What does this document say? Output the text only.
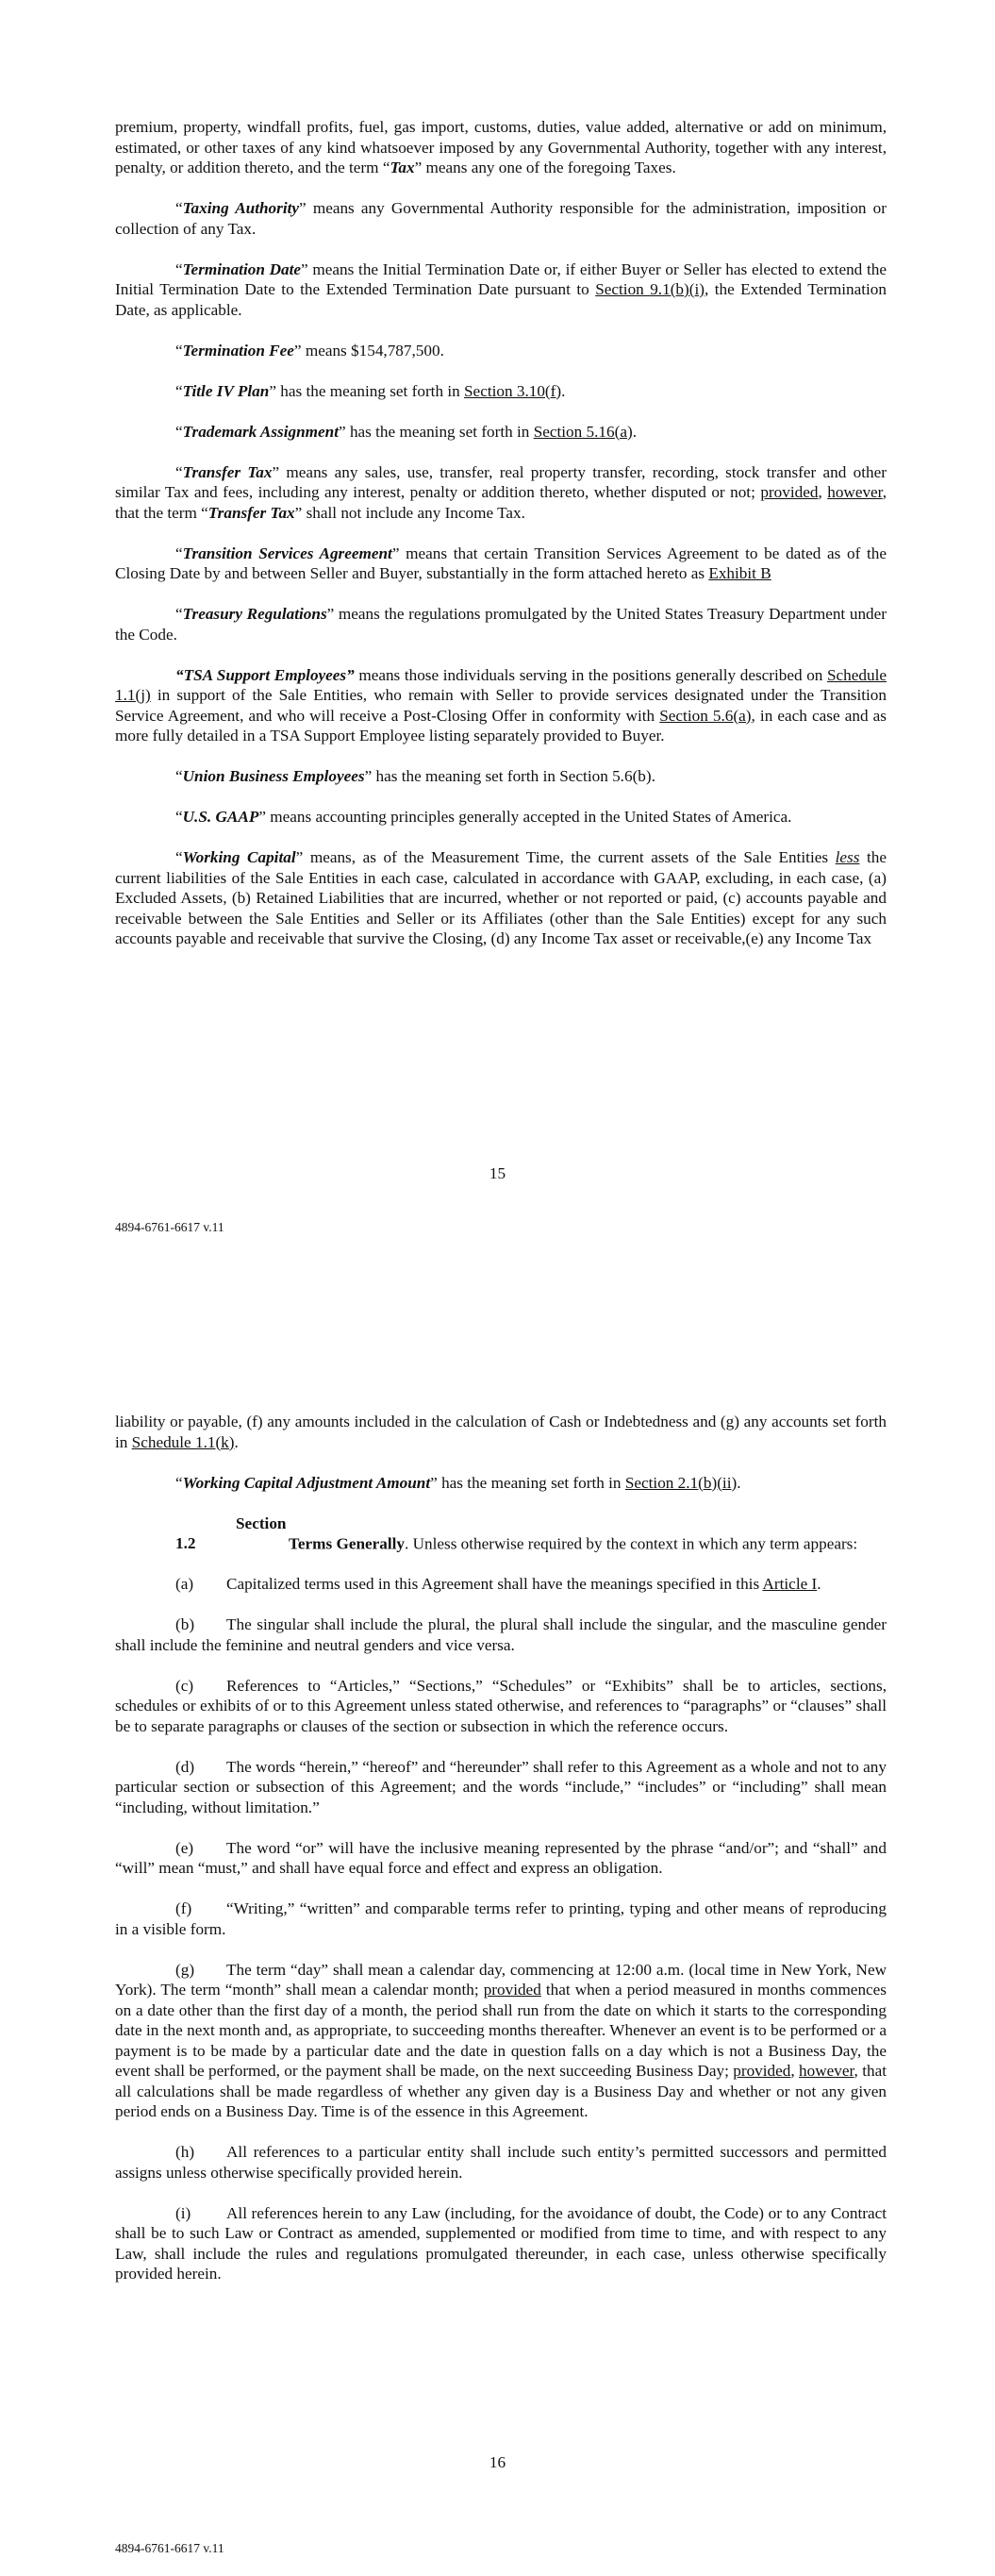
premium, property, windfall profits, fuel, gas import, customs, duties, value added, alternative or add on minimum, estimated, or other taxes of any kind whatsoever imposed by any Governmental Authority, together with any interest, penalty, or addition thereto, and the term “Tax” means any one of the foregoing Taxes.

“Taxing Authority” means any Governmental Authority responsible for the administration, imposition or collection of any Tax.

“Termination Date” means the Initial Termination Date or, if either Buyer or Seller has elected to extend the Initial Termination Date to the Extended Termination Date pursuant to Section 9.1(b)(i), the Extended Termination Date, as applicable.

“Termination Fee” means $154,787,500.

“Title IV Plan” has the meaning set forth in Section 3.10(f).

“Trademark Assignment” has the meaning set forth in Section 5.16(a).

“Transfer Tax” means any sales, use, transfer, real property transfer, recording, stock transfer and other similar Tax and fees, including any interest, penalty or addition thereto, whether disputed or not; provided, however, that the term “Transfer Tax” shall not include any Income Tax.

“Transition Services Agreement” means that certain Transition Services Agreement to be dated as of the Closing Date by and between Seller and Buyer, substantially in the form attached hereto as Exhibit B

“Treasury Regulations” means the regulations promulgated by the United States Treasury Department under the Code.

“TSA Support Employees” means those individuals serving in the positions generally described on Schedule 1.1(j) in support of the Sale Entities, who remain with Seller to provide services designated under the Transition Service Agreement, and who will receive a Post-Closing Offer in conformity with Section 5.6(a), in each case and as more fully detailed in a TSA Support Employee listing separately provided to Buyer.

“Union Business Employees” has the meaning set forth in Section 5.6(b).

“U.S. GAAP” means accounting principles generally accepted in the United States of America.

“Working Capital” means, as of the Measurement Time, the current assets of the Sale Entities less the current liabilities of the Sale Entities in each case, calculated in accordance with GAAP, excluding, in each case, (a) Excluded Assets, (b) Retained Liabilities that are incurred, whether or not reported or paid, (c) accounts payable and receivable between the Sale Entities and Seller or its Affiliates (other than the Sale Entities) except for any such accounts payable and receivable that survive the Closing, (d) any Income Tax asset or receivable,(e) any Income Tax

15
4894-6761-6617 v.11

liability or payable, (f) any amounts included in the calculation of Cash or Indebtedness and (g) any accounts set forth in Schedule 1.1(k).

“Working Capital Adjustment Amount” has the meaning set forth in Section 2.1(b)(ii).

Section 1.2	Terms Generally. Unless otherwise required by the context in which any term appears:

(a) Capitalized terms used in this Agreement shall have the meanings specified in this Article I.

(b) The singular shall include the plural, the plural shall include the singular, and the masculine gender shall include the feminine and neutral genders and vice versa.

(c) References to “Articles,” “Sections,” “Schedules” or “Exhibits” shall be to articles, sections, schedules or exhibits of or to this Agreement unless stated otherwise, and references to “paragraphs” or “clauses” shall be to separate paragraphs or clauses of the section or subsection in which the reference occurs.

(d) The words “herein,” “hereof” and “hereunder” shall refer to this Agreement as a whole and not to any particular section or subsection of this Agreement; and the words “include,” “includes” or “including” shall mean “including, without limitation.”

(e) The word “or” will have the inclusive meaning represented by the phrase “and/or”; and “shall” and “will” mean “must,” and shall have equal force and effect and express an obligation.

(f) “Writing,” “written” and comparable terms refer to printing, typing and other means of reproducing in a visible form.

(g) The term “day” shall mean a calendar day, commencing at 12:00 a.m. (local time in New York, New York). The term “month” shall mean a calendar month; provided that when a period measured in months commences on a date other than the first day of a month, the period shall run from the date on which it starts to the corresponding date in the next month and, as appropriate, to succeeding months thereafter. Whenever an event is to be performed or a payment is to be made by a particular date and the date in question falls on a day which is not a Business Day, the event shall be performed, or the payment shall be made, on the next succeeding Business Day; provided, however, that all calculations shall be made regardless of whether any given day is a Business Day and whether or not any given period ends on a Business Day. Time is of the essence in this Agreement.

(h) All references to a particular entity shall include such entity’s permitted successors and permitted assigns unless otherwise specifically provided herein.

(i) All references herein to any Law (including, for the avoidance of doubt, the Code) or to any Contract shall be to such Law or Contract as amended, supplemented or modified from time to time, and with respect to any Law, shall include the rules and regulations promulgated thereunder, in each case, unless otherwise specifically provided herein.

16
4894-6761-6617 v.11
